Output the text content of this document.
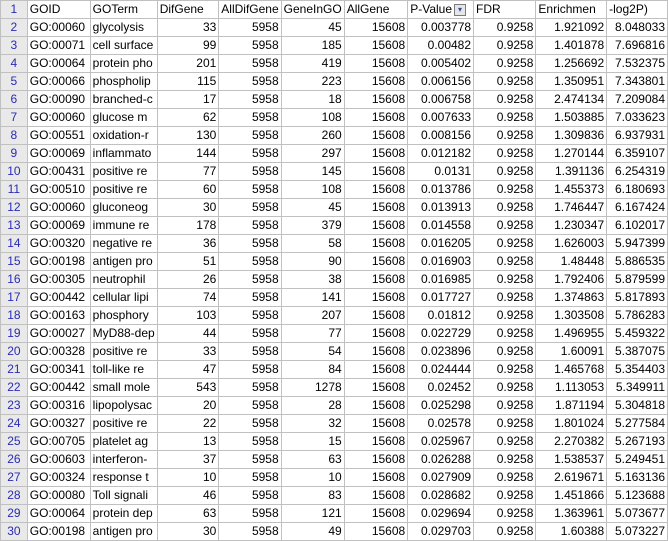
1	GOID	GOTerm	DifGene	AllDifGene	GeneInGO	AllGene	P-Value ▾	FDR	Enrichmen	-log2P)
2	GO:00060	glycolysis	33	5958	45	15608	0.003778	0.9258	1.921092	8.048033
3	GO:00071	cell surface	99	5958	185	15608	0.00482	0.9258	1.401878	7.696816
4	GO:00064	protein pho	201	5958	419	15608	0.005402	0.9258	1.256692	7.532375
5	GO:00066	phospholip	115	5958	223	15608	0.006156	0.9258	1.350951	7.343801
6	GO:00090	branched-c	17	5958	18	15608	0.006758	0.9258	2.474134	7.209084
7	GO:00060	glucose m	62	5958	108	15608	0.007633	0.9258	1.503885	7.033623
8	GO:00551	oxidation-r	130	5958	260	15608	0.008156	0.9258	1.309836	6.937931
9	GO:00069	inflammato	144	5958	297	15608	0.012182	0.9258	1.270144	6.359107
10	GO:00431	positive re	77	5958	145	15608	0.0131	0.9258	1.391136	6.254319
11	GO:00510	positive re	60	5958	108	15608	0.013786	0.9258	1.455373	6.180693
12	GO:00060	gluconeog	30	5958	45	15608	0.013913	0.9258	1.746447	6.167424
13	GO:00069	immune re	178	5958	379	15608	0.014558	0.9258	1.230347	6.102017
14	GO:00320	negative re	36	5958	58	15608	0.016205	0.9258	1.626003	5.947399
15	GO:00198	antigen pro	51	5958	90	15608	0.016903	0.9258	1.48448	5.886535
16	GO:00305	neutrophil	26	5958	38	15608	0.016985	0.9258	1.792406	5.879599
17	GO:00442	cellular lipi	74	5958	141	15608	0.017727	0.9258	1.374863	5.817893
18	GO:00163	phosphory	103	5958	207	15608	0.01812	0.9258	1.303508	5.786283
19	GO:00027	MyD88-dep	44	5958	77	15608	0.022729	0.9258	1.496955	5.459322
20	GO:00328	positive re	33	5958	54	15608	0.023896	0.9258	1.60091	5.387075
21	GO:00341	toll-like re	47	5958	84	15608	0.024444	0.9258	1.465768	5.354403
22	GO:00442	small mole	543	5958	1278	15608	0.02452	0.9258	1.113053	5.349911
23	GO:00316	lipopolysac	20	5958	28	15608	0.025298	0.9258	1.871194	5.304818
24	GO:00327	positive re	22	5958	32	15608	0.02578	0.9258	1.801024	5.277584
25	GO:00705	platelet ag	13	5958	15	15608	0.025967	0.9258	2.270382	5.267193
26	GO:00603	interferon-	37	5958	63	15608	0.026288	0.9258	1.538537	5.249451
27	GO:00324	response t	10	5958	10	15608	0.027909	0.9258	2.619671	5.163136
28	GO:00080	Toll signali	46	5958	83	15608	0.028682	0.9258	1.451866	5.123688
29	GO:00064	protein dep	63	5958	121	15608	0.029694	0.9258	1.363961	5.073677
30	GO:00198	antigen pro	30	5958	49	15608	0.029703	0.9258	1.60388	5.073227
